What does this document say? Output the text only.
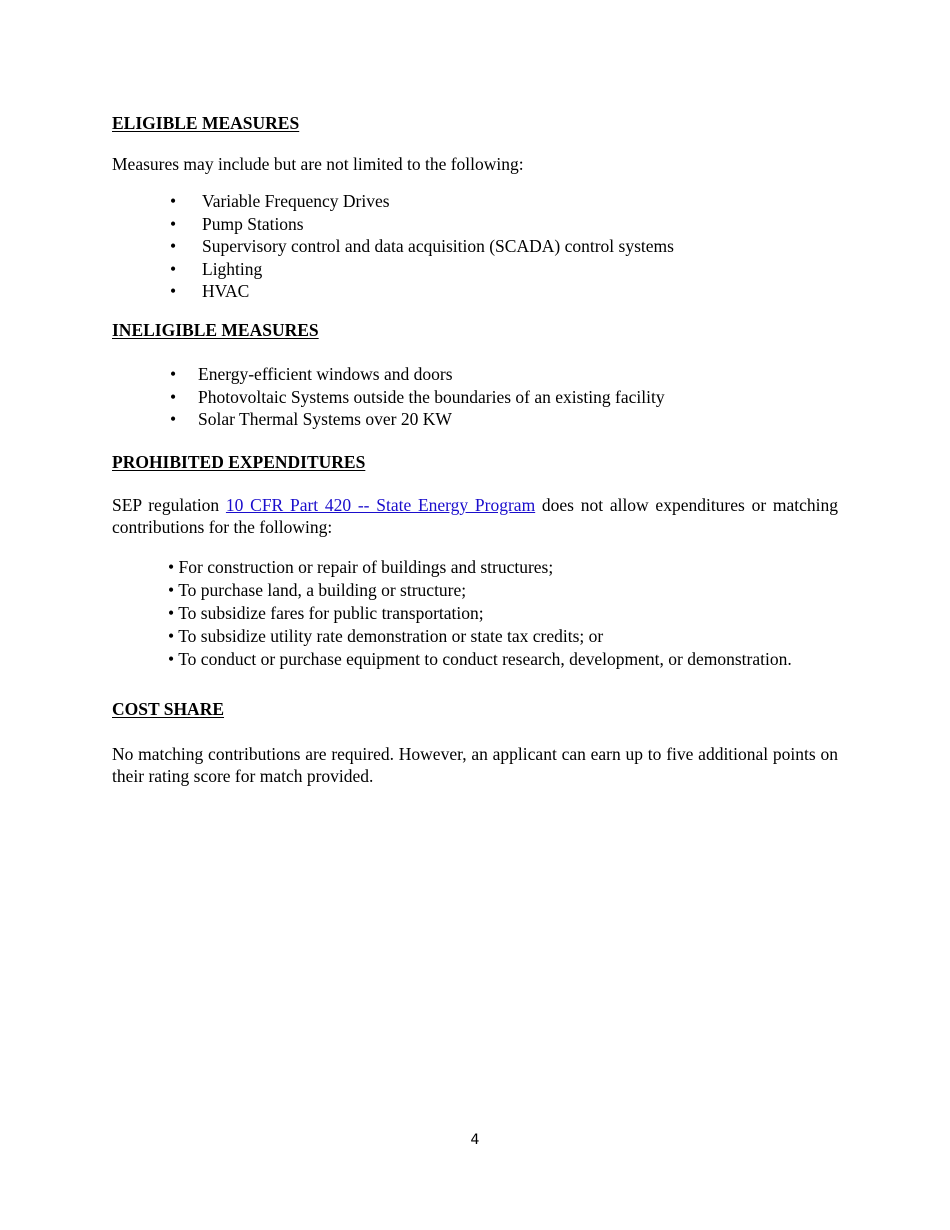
ELIGIBLE MEASURES

Measures may include but are not limited to the following:

• Variable Frequency Drives
• Pump Stations
• Supervisory control and data acquisition (SCADA) control systems
• Lighting
• HVAC
INELIGIBLE MEASURES
• Energy-efficient windows and doors
• Photovoltaic Systems outside the boundaries of an existing facility
• Solar Thermal Systems over 20 KW
PROHIBITED EXPENDITURES

SEP regulation 10 CFR Part 420 -- State Energy Program does not allow expenditures or matching contributions for the following:

• For construction or repair of buildings and structures;
• To purchase land, a building or structure;
• To subsidize fares for public transportation;
• To subsidize utility rate demonstration or state tax credits; or
• To conduct or purchase equipment to conduct research, development, or demonstration.
COST SHARE

No matching contributions are required. However, an applicant can earn up to five additional points on their rating score for match provided.

4
